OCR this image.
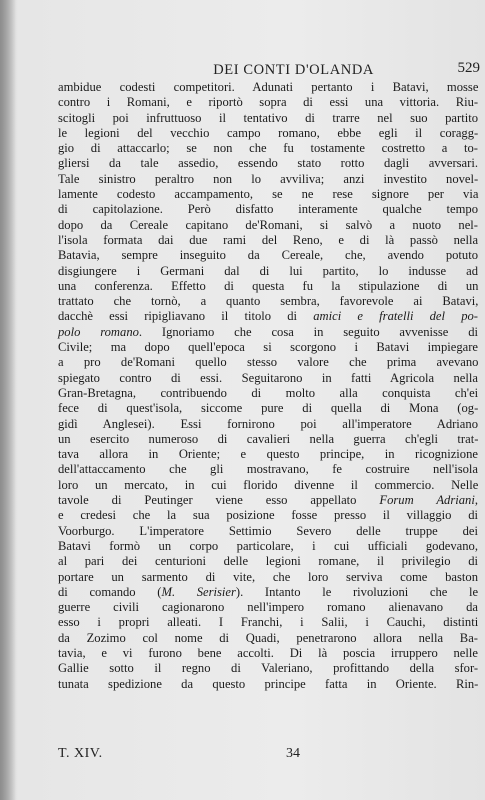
DEI CONTI D'OLANDA	529
ambidue codesti competitori. Adunati pertanto i Batavi, mosse
contro i Romani, e riportò sopra di essi una vittoria. Riu-
scitogli poi infruttuoso il tentativo di trarre nel suo partito
le legioni del vecchio campo romano, ebbe egli il coragg-
gio di attaccarlo; se non che fu tostamente costretto a to-
gliersi da tale assedio, essendo stato rotto dagli avversari.
Tale sinistro peraltro non lo avviliva; anzi investito novel-
lamente codesto accampamento, se ne rese signore per via
di capitolazione. Però disfatto interamente qualche tempo
dopo da Cereale capitano de'Romani, si salvò a nuoto nel-
l'isola formata dai due rami del Reno, e di là passò nella
Batavia, sempre inseguito da Cereale, che, avendo potuto
disgiungere i Germani dal di lui partito, lo indusse ad
una conferenza. Effetto di questa fu la stipulazione di un
trattato che tornò, a quanto sembra, favorevole ai Batavi,
dacchè essi ripigliavano il titolo di amici e fratelli del po-
polo romano. Ignoriamo che cosa in seguito avvenisse di
Civile; ma dopo quell'epoca si scorgono i Batavi impiegare
a pro de'Romani quello stesso valore che prima avevano
spiegato contro di essi. Seguitarono in fatti Agricola nella
Gran-Bretagna, contribuendo di molto alla conquista ch'ei
fece di quest'isola, siccome pure di quella di Mona (og-
gidì Anglesei). Essi fornirono poi all'imperatore Adriano
un esercito numeroso di cavalieri nella guerra ch'egli trat-
tava allora in Oriente; e questo principe, in ricognizione
dell'attaccamento che gli mostravano, fe costruire nell'isola
loro un mercato, in cui florido divenne il commercio. Nelle
tavole di Peutinger viene esso appellato Forum Adriani,
e credesi che la sua posizione fosse presso il villaggio di
Voorburgo. L'imperatore Settimio Severo delle truppe dei
Batavi formò un corpo particolare, i cui ufficiali godevano,
al pari dei centurioni delle legioni romane, il privilegio di
portare un sarmento di vite, che loro serviva come baston
di comando (M. Serisier). Intanto le rivoluzioni che le
guerre civili cagionarono nell'impero romano alienavano da
esso i propri alleati. I Franchi, i Salii, i Cauchi, distinti
da Zozimo col nome di Quadi, penetrarono allora nella Ba-
tavia, e vi furono bene accolti. Di là poscia irruppero nelle
Gallie sotto il regno di Valeriano, profittando della sfor-
tunata spedizione da questo principe fatta in Oriente. Rin-
T. XIV.	34
